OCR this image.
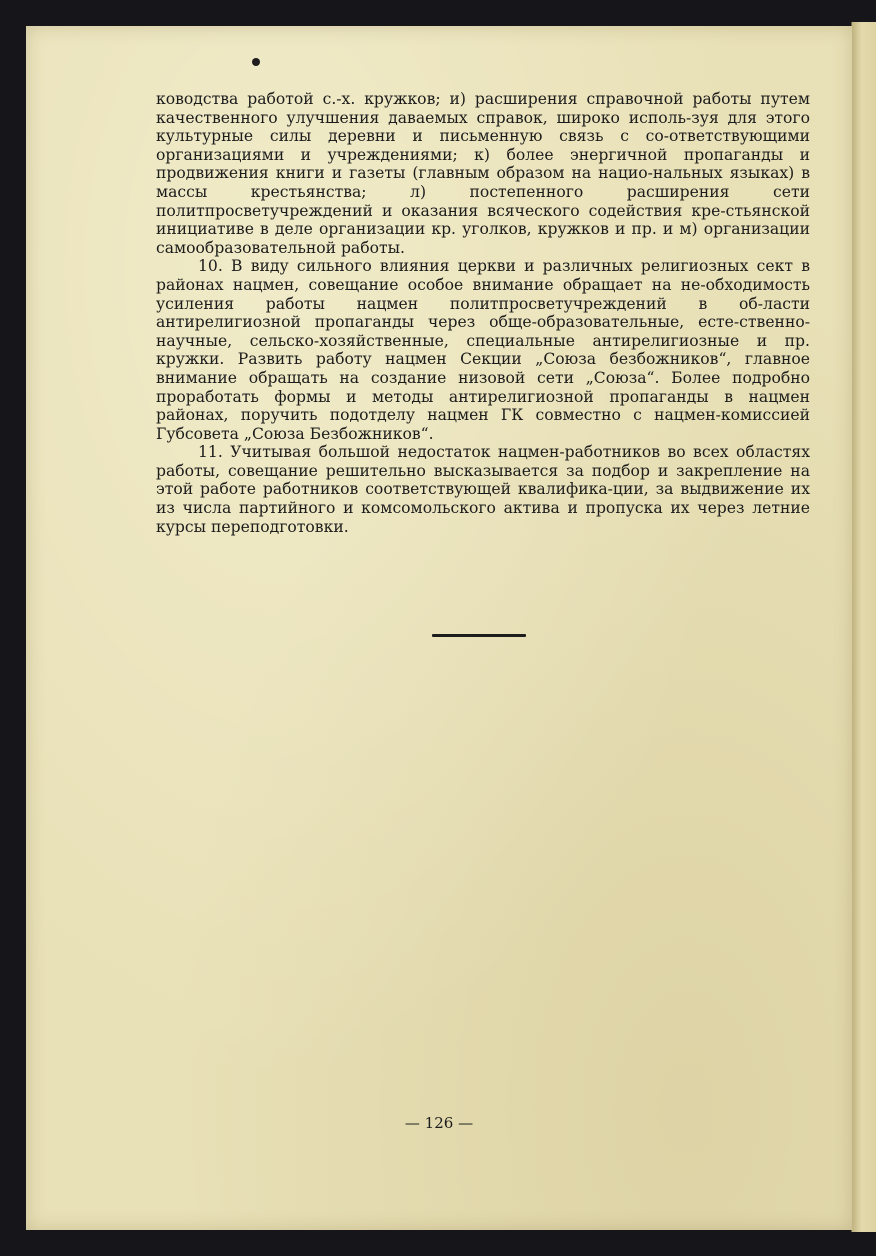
ководства работой с.-х. кружков; и) расширения справочной работы путем качественного улучшения даваемых справок, широко исполь-зуя для этого культурные силы деревни и письменную связь с со-ответствующими организациями и учреждениями; к) более энергичной пропаганды и продвижения книги и газеты (главным образом на нацио-нальных языках) в массы крестьянства; л) постепенного расширения сети политпросветучреждений и оказания всяческого содействия кре-стьянской инициативе в деле организации кр. уголков, кружков и пр. и м) организации самообразовательной работы.

10. В виду сильного влияния церкви и различных религиозных сект в районах нацмен, совещание особое внимание обращает на не-обходимость усиления работы нацмен политпросветучреждений в об-ласти антирелигиозной пропаганды через обще-образовательные, есте-ственно-научные, сельско-хозяйственные, специальные антирелигиозные и пр. кружки. Развить работу нацмен Секции „Союза безбожников“, главное внимание обращать на создание низовой сети „Союза“. Более подробно проработать формы и методы антирелигиозной пропаганды в нацмен районах, поручить подотделу нацмен ГК совместно с нацмен-комиссией Губсовета „Союза Безбожников“.

11. Учитывая большой недостаток нацмен-работников во всех областях работы, совещание решительно высказывается за подбор и закрепление на этой работе работников соответствующей квалифика-ции, за выдвижение их из числа партийного и комсомольского актива и пропуска их через летние курсы переподготовки.

— 126 —
